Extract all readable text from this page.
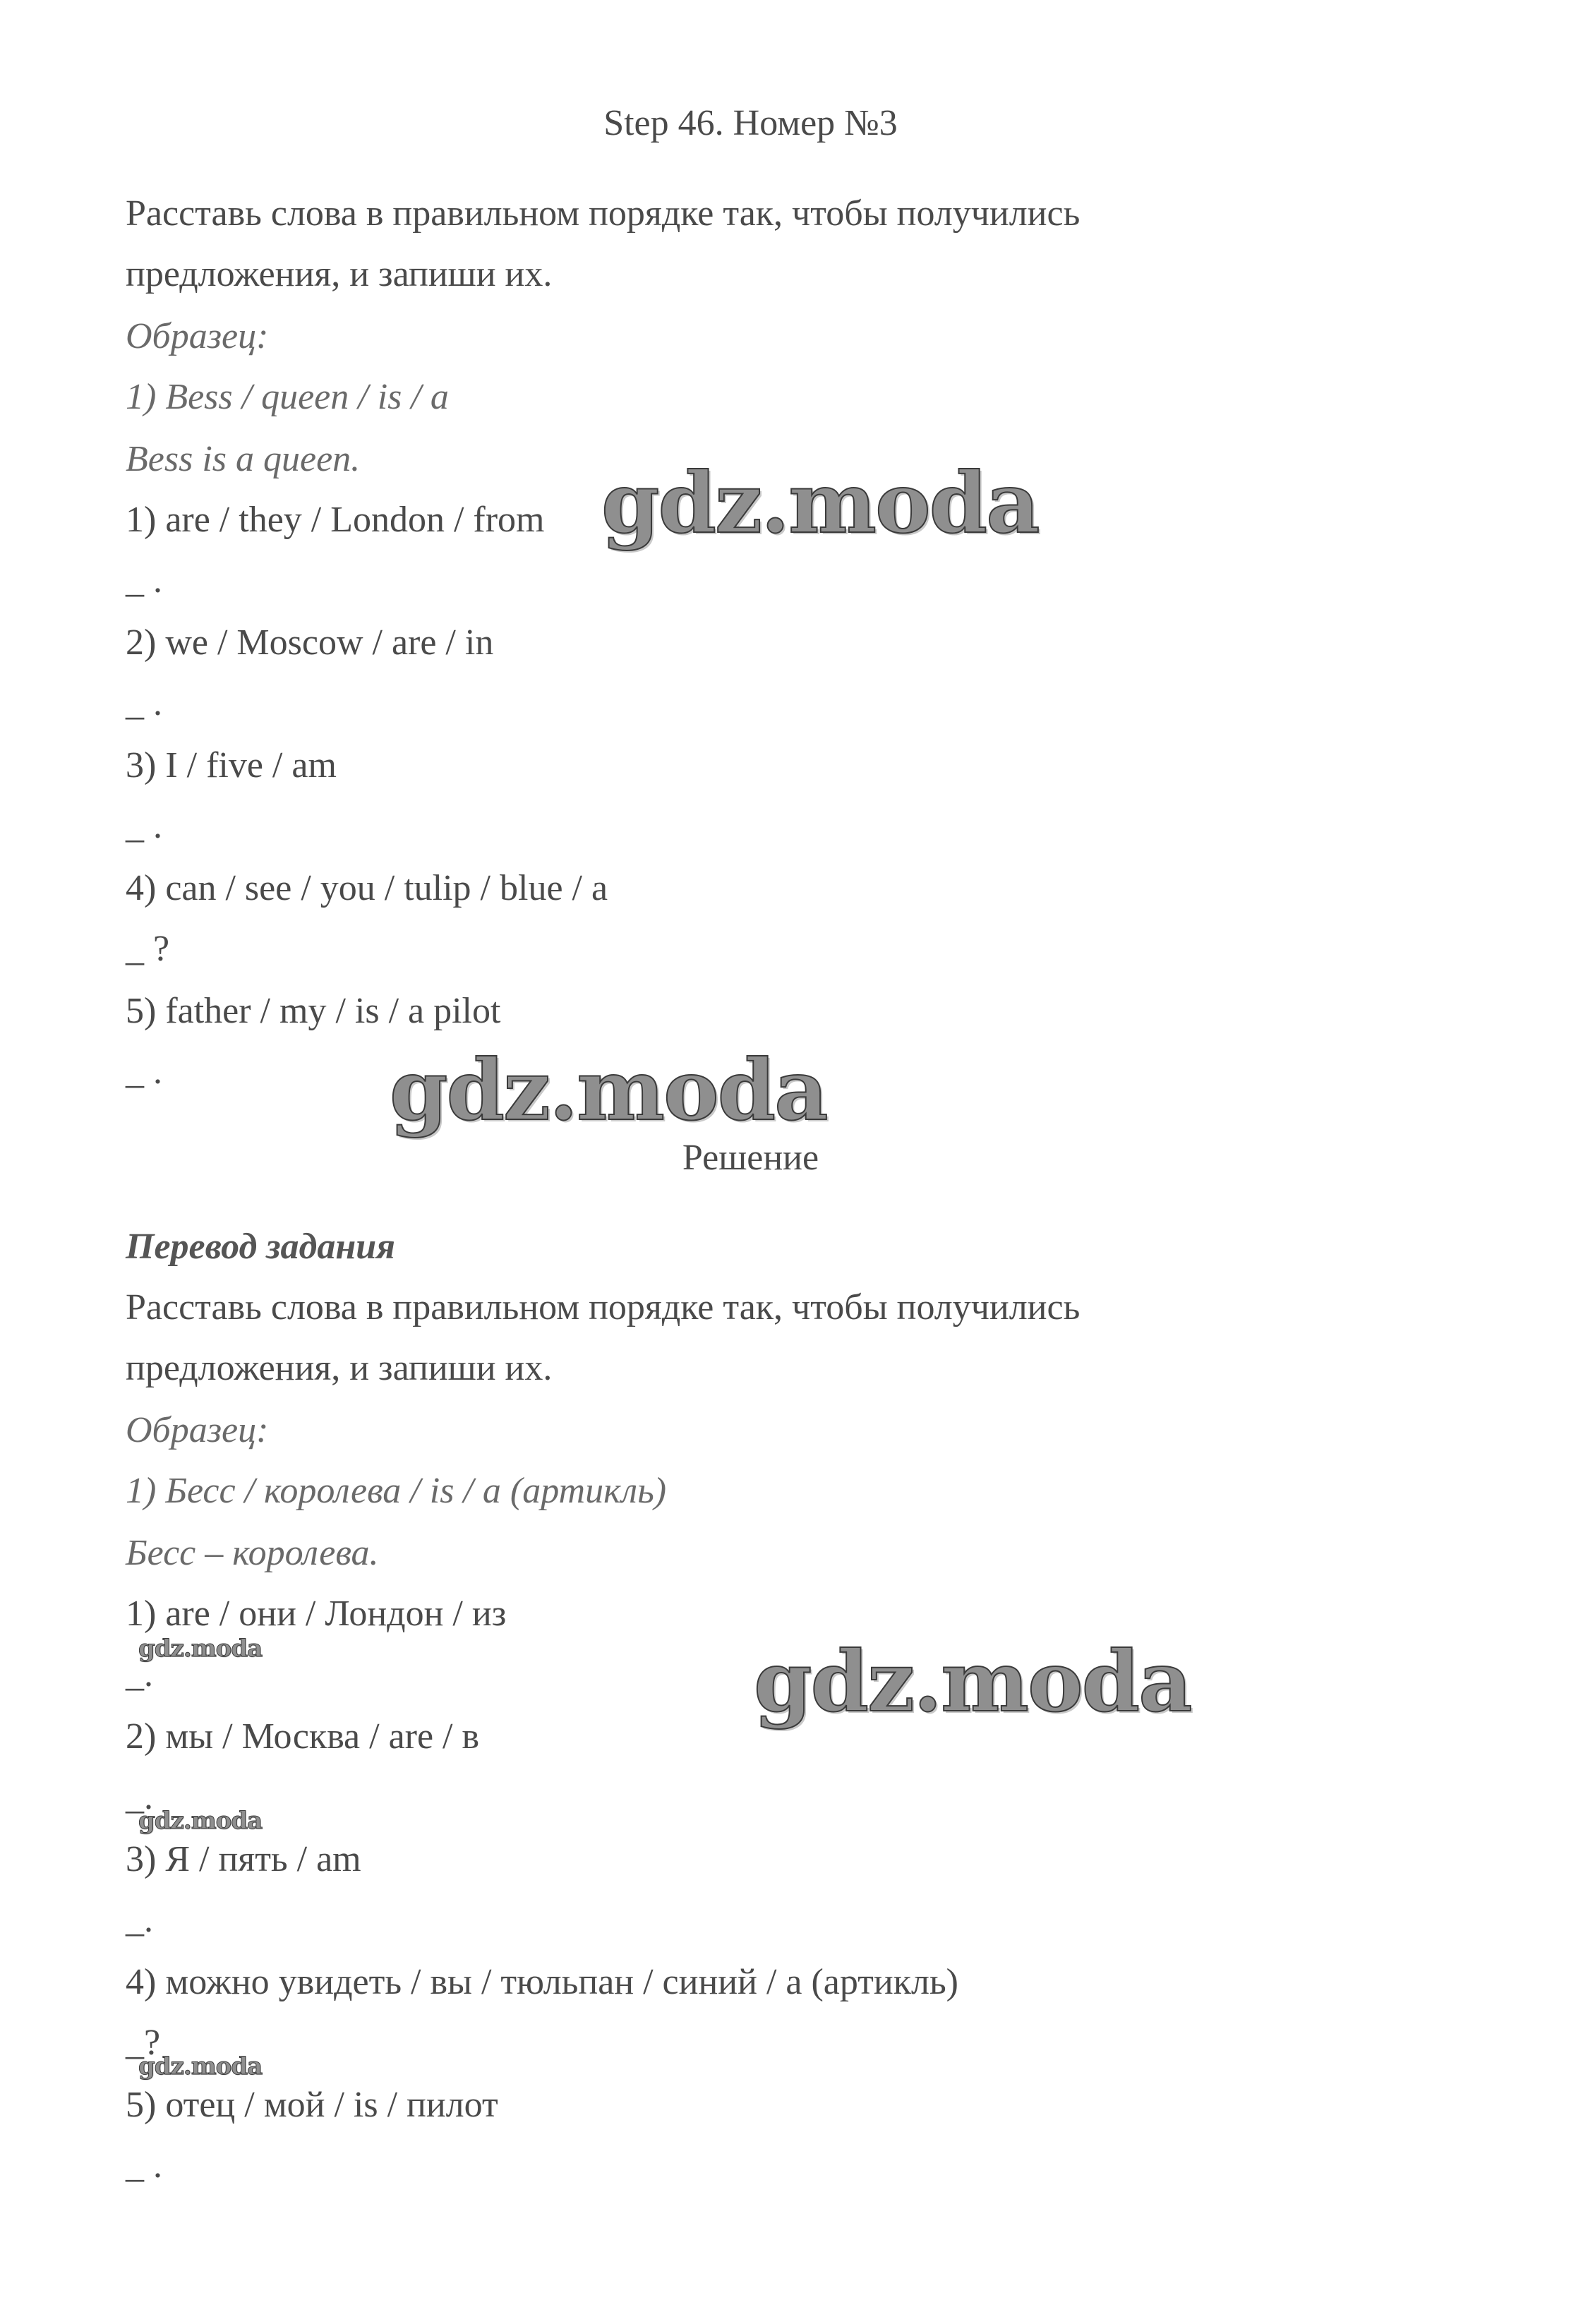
Step 46. Номер №3
Расставь слова в правильном порядке так, чтобы получились
предложения, и запиши их.
Образец:
1) Bess / queen / is / a
Bess is a queen.
1) are / they / London / from
_ .
2) we / Moscow / are / in
_ .
3) I / five / am
_ .
4) can / see / you / tulip / blue / a
_ ?
5) father / my / is / a pilot
_ .
Решение
Перевод задания
Расставь слова в правильном порядке так, чтобы получились
предложения, и запиши их.
Образец:
1) Бесс / королева / is / a (артикль)
Бесс – королева.
1) are / они / Лондон / из
_.
2) мы / Москва / are / в
_.
3) Я / пять / am
_.
4) можно увидеть / вы / тюльпан / синий / a (артикль)
_?
5) отец / мой / is / пилот
_ .
gdz.moda
gdz.moda
gdz.moda
gdz.moda
gdz.moda
gdz.moda
